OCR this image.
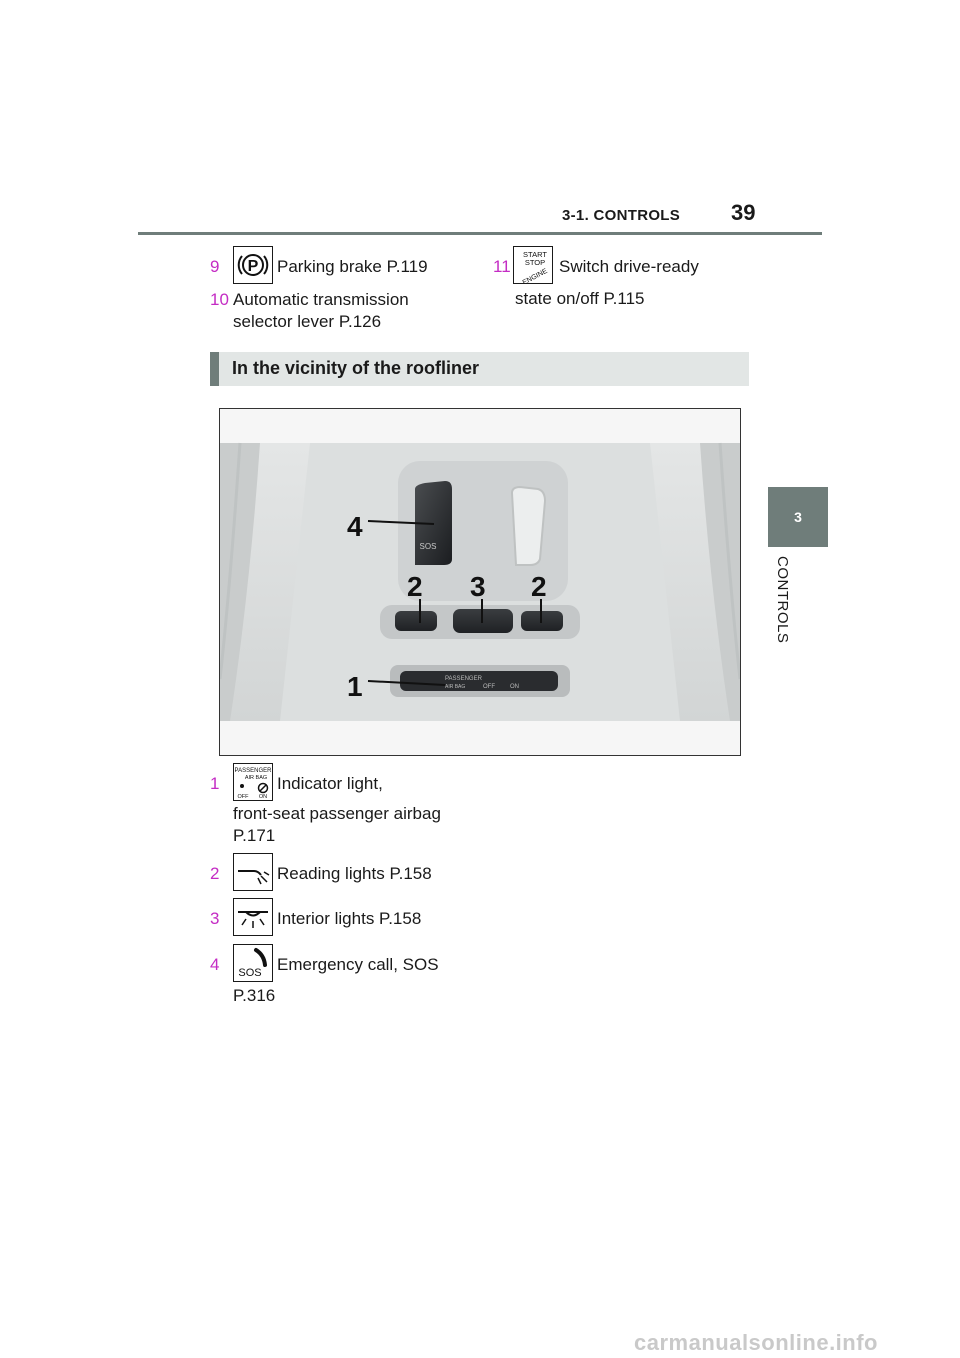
3-1. CONTROLS 39
3
CONTROLS
9 P Parking brake P.119
10 Automatic transmission
selector lever P.126
11
START
STOP
ENGINE
Switch drive-ready
state on/off P.115
In the vicinity of the roofliner
SOS
PASSENGER
AIR BAG	OFF	ON
4
2 3 2
1
1
PASSENGER
AIR BAG
OFF ON
Indicator light,
front-seat passenger airbag
P.171
2	Reading lights P.158
3	Interior lights P.158
4 SOS Emergency call, SOS
P.316
carmanualsonline.info
